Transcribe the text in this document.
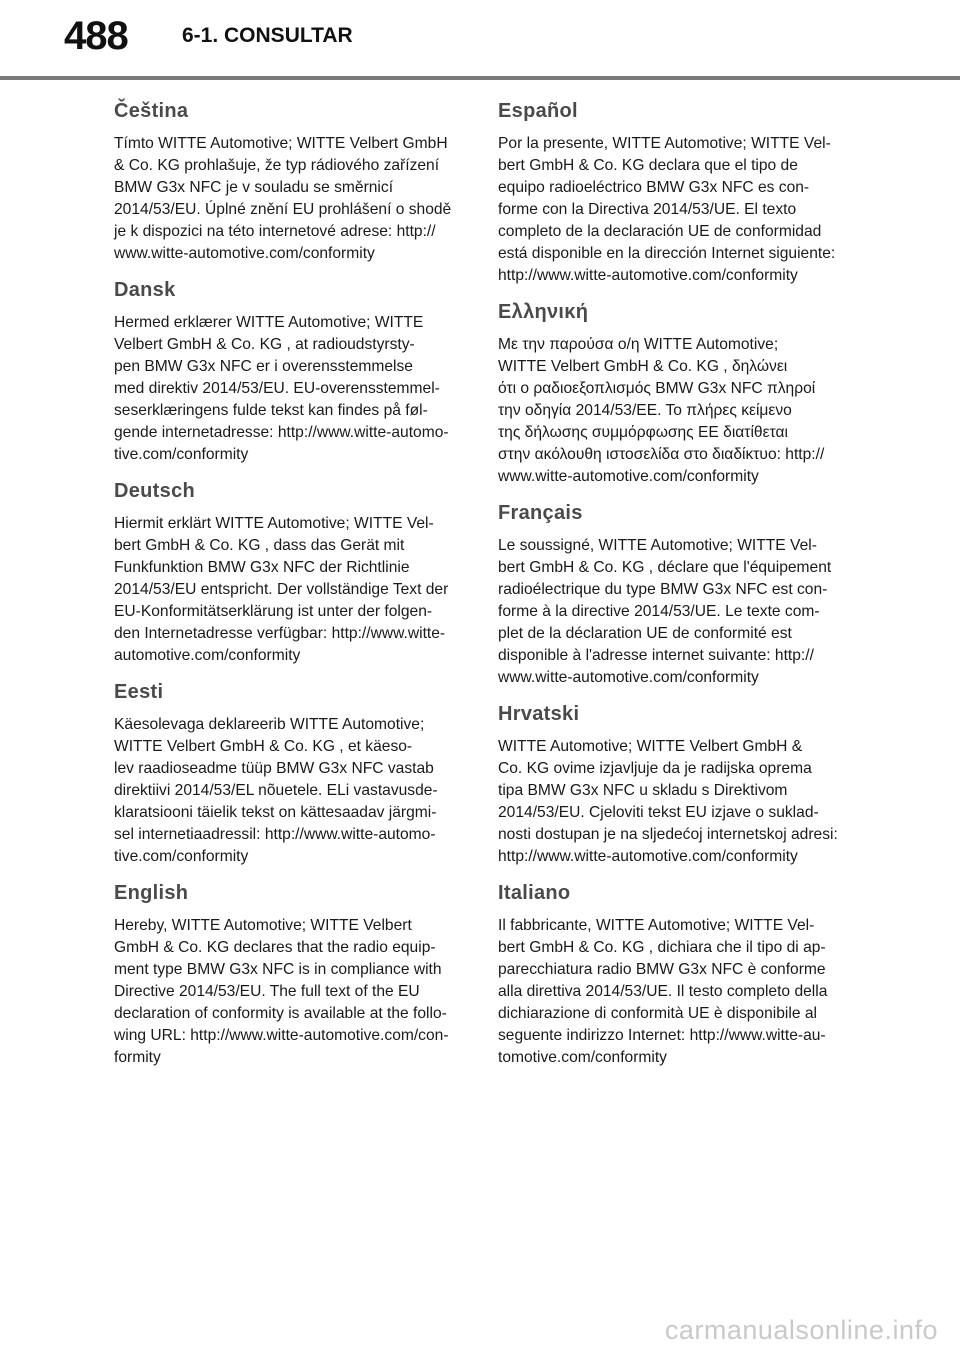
488	6-1. CONSULTAR
Čeština

Tímto WITTE Automotive; WITTE Velbert GmbH
& Co. KG prohlašuje, že typ rádiového zařízení
BMW G3x NFC je v souladu se směrnicí
2014/53/EU. Úplné znění EU prohlášení o shodě
je k dispozici na této internetové adrese: http://
www.witte-automotive.com/conformity

Dansk

Hermed erklærer WITTE Automotive; WITTE
Velbert GmbH & Co. KG , at radioudstyrsty-
pen BMW G3x NFC er i overensstemmelse
med direktiv 2014/53/EU. EU-overensstemmel-
seserklæringens fulde tekst kan findes på føl-
gende internetadresse: http://www.witte-automo-
tive.com/conformity

Deutsch

Hiermit erklärt WITTE Automotive; WITTE Vel-
bert GmbH & Co. KG , dass das Gerät mit
Funkfunktion BMW G3x NFC der Richtlinie
2014/53/EU entspricht. Der vollständige Text der
EU-Konformitätserklärung ist unter der folgen-
den Internetadresse verfügbar: http://www.witte-
automotive.com/conformity

Eesti

Käesolevaga deklareerib WITTE Automotive;
WITTE Velbert GmbH & Co. KG , et käeso-
lev raadioseadme tüüp BMW G3x NFC vastab
direktiivi 2014/53/EL nõuetele. ELi vastavusde-
klaratsiooni täielik tekst on kättesaadav järgmi-
sel internetiaadressil: http://www.witte-automo-
tive.com/conformity

English

Hereby, WITTE Automotive; WITTE Velbert
GmbH & Co. KG declares that the radio equip-
ment type BMW G3x NFC is in compliance with
Directive 2014/53/EU. The full text of the EU
declaration of conformity is available at the follo-
wing URL: http://www.witte-automotive.com/con-
formity

Español

Por la presente, WITTE Automotive; WITTE Vel-
bert GmbH & Co. KG declara que el tipo de
equipo radioeléctrico BMW G3x NFC es con-
forme con la Directiva 2014/53/UE. El texto
completo de la declaración UE de conformidad
está disponible en la dirección Internet siguiente:
http://www.witte-automotive.com/conformity

Ελληνική

Με την παρούσα ο/η WITTE Automotive;
WITTE Velbert GmbH & Co. KG , δηλώνει
ότι ο ραδιοεξοπλισμός BMW G3x NFC πληροί
την οδηγία 2014/53/ΕΕ. Το πλήρες κείμενο
της δήλωσης συμμόρφωσης ΕΕ διατίθεται
στην ακόλουθη ιστοσελίδα στο διαδίκτυο: http://
www.witte-automotive.com/conformity

Français

Le soussigné, WITTE Automotive; WITTE Vel-
bert GmbH & Co. KG , déclare que l'équipement
radioélectrique du type BMW G3x NFC est con-
forme à la directive 2014/53/UE. Le texte com-
plet de la déclaration UE de conformité est
disponible à l'adresse internet suivante: http://
www.witte-automotive.com/conformity

Hrvatski

WITTE Automotive; WITTE Velbert GmbH &
Co. KG ovime izjavljuje da je radijska oprema
tipa BMW G3x NFC u skladu s Direktivom
2014/53/EU. Cjeloviti tekst EU izjave o suklad-
nosti dostupan je na sljedećoj internetskoj adresi:
http://www.witte-automotive.com/conformity

Italiano

Il fabbricante, WITTE Automotive; WITTE Vel-
bert GmbH & Co. KG , dichiara che il tipo di ap-
parecchiatura radio BMW G3x NFC è conforme
alla direttiva 2014/53/UE. Il testo completo della
dichiarazione di conformità UE è disponibile al
seguente indirizzo Internet: http://www.witte-au-
tomotive.com/conformity

carmanualsonline.info
